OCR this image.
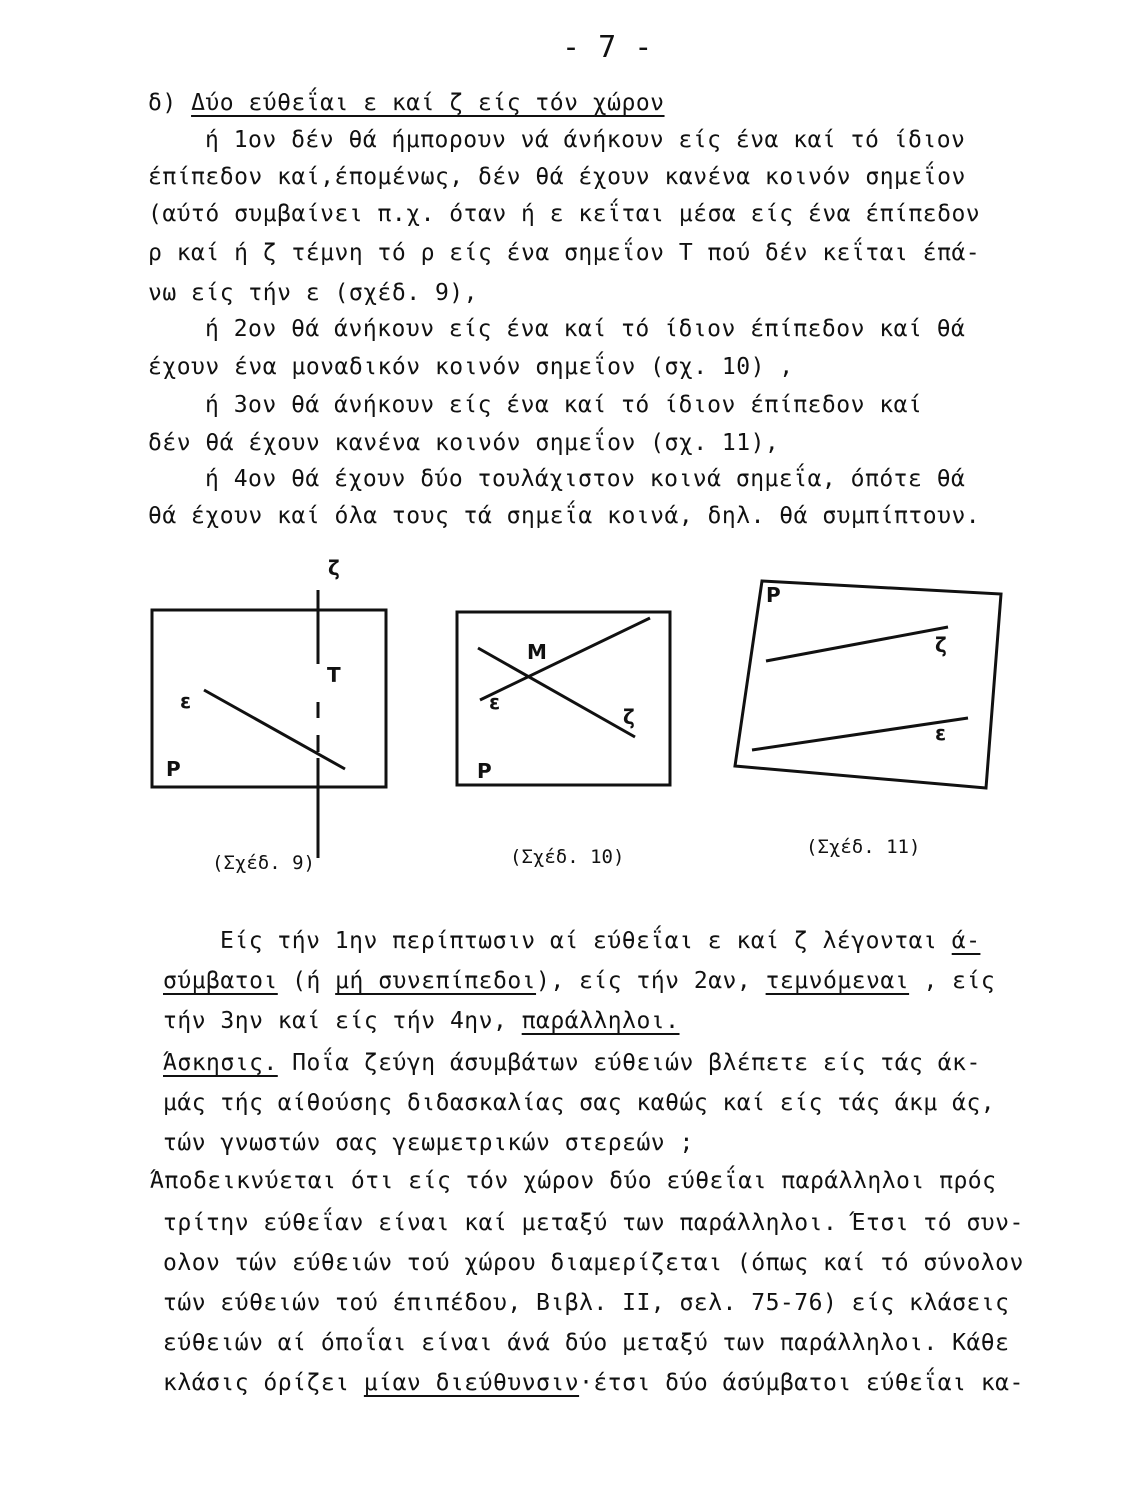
- 7 -
δ) Δύο εύθεΐαι ε καί ζ είς τόν χώρον
ή 1ον δέν θά ήμπορουν νά άνήκουν είς ένα καί τό ίδιον
έπίπεδον καί,έπομένως, δέν θά έχουν κανένα κοινόν σημεΐον
(αύτό συμβαίνει π.χ. όταν ή ε κεΐται μέσα είς ένα έπίπεδον
ρ καί ή ζ τέμνη τό ρ είς ένα σημεΐον Τ πού δέν κεΐται έπά-
νω είς τήν ε (σχέδ. 9),
ή 2ον θά άνήκουν είς ένα καί τό ίδιον έπίπεδον καί θά
έχουν ένα μοναδικόν κοινόν σημεΐον (σχ. 10) ,
ή 3ον θά άνήκουν είς ένα καί τό ίδιον έπίπεδον καί
δέν θά έχουν κανένα κοινόν σημεΐον (σχ. 11),
ή 4ον θά έχουν δύο τουλάχιστον κοινά σημεΐα, όπότε θά
θά έχουν καί όλα τους τά σημεΐα κοινά, δηλ. θά συμπίπτουν.
ζ
Τ
ε
Ρ
Μ
ε
ζ
Ρ
Ρ
ζ
ε
(Σχέδ. 9)	(Σχέδ. 10)	(Σχέδ. 11)
Είς τήν 1ην περίπτωσιν αί εύθεΐαι ε καί ζ λέγονται ά-
σύμβατοι (ή μή συνεπίπεδοι), είς τήν 2αν, τεμνόμεναι , είς
τήν 3ην καί είς τήν 4ην, παράλληλοι.
Άσκησις. Ποΐα ζεύγη άσυμβάτων εύθειών βλέπετε είς τάς άκ-
μάς τής αίθούσης διδασκαλίας σας καθώς καί είς τάς άκμ άς,
τών γνωστών σας γεωμετρικών στερεών ;
Άποδεικνύεται ότι είς τόν χώρον δύο εύθεΐαι παράλληλοι πρός
τρίτην εύθεΐαν είναι καί μεταξύ των παράλληλοι. Έτσι τό συν-
ολον τών εύθειών τού χώρου διαμερίζεται (όπως καί τό σύνολον
τών εύθειών τού έπιπέδου, Βιβλ. ΙΙ, σελ. 75-76) είς κλάσεις
εύθειών αί όποΐαι είναι άνά δύο μεταξύ των παράλληλοι. Κάθε
κλάσις όρίζει μίαν διεύθυνσιν·έτσι δύο άσύμβατοι εύθεΐαι κα-
